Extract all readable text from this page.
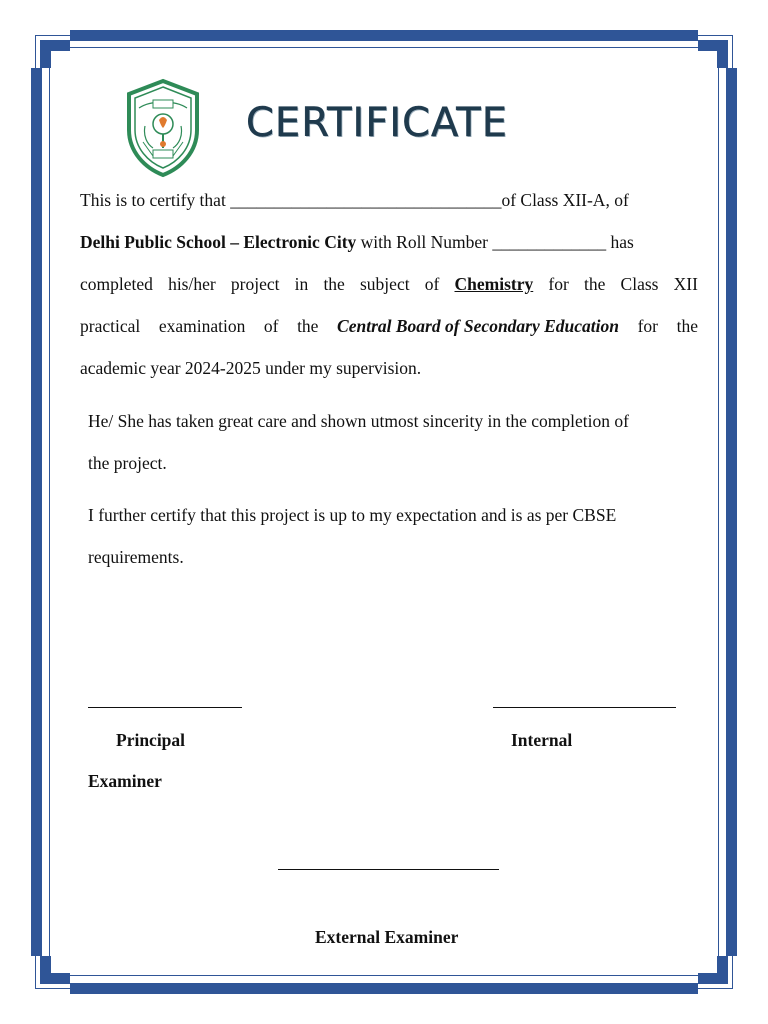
CERTIFICATE
This is to certify that _______________________________of Class XII-A, of
Delhi Public School – Electronic City with Roll Number _____________ has
completed his/her project in the subject of Chemistry for the Class XII
practical examination of the Central Board of Secondary Education for the
academic year 2024-2025 under my supervision.
He/ She has taken great care and shown utmost sincerity in the completion of
the project.
I further certify that this project is up to my expectation and is as per CBSE
requirements.
Principal	Internal
Examiner
External Examiner
